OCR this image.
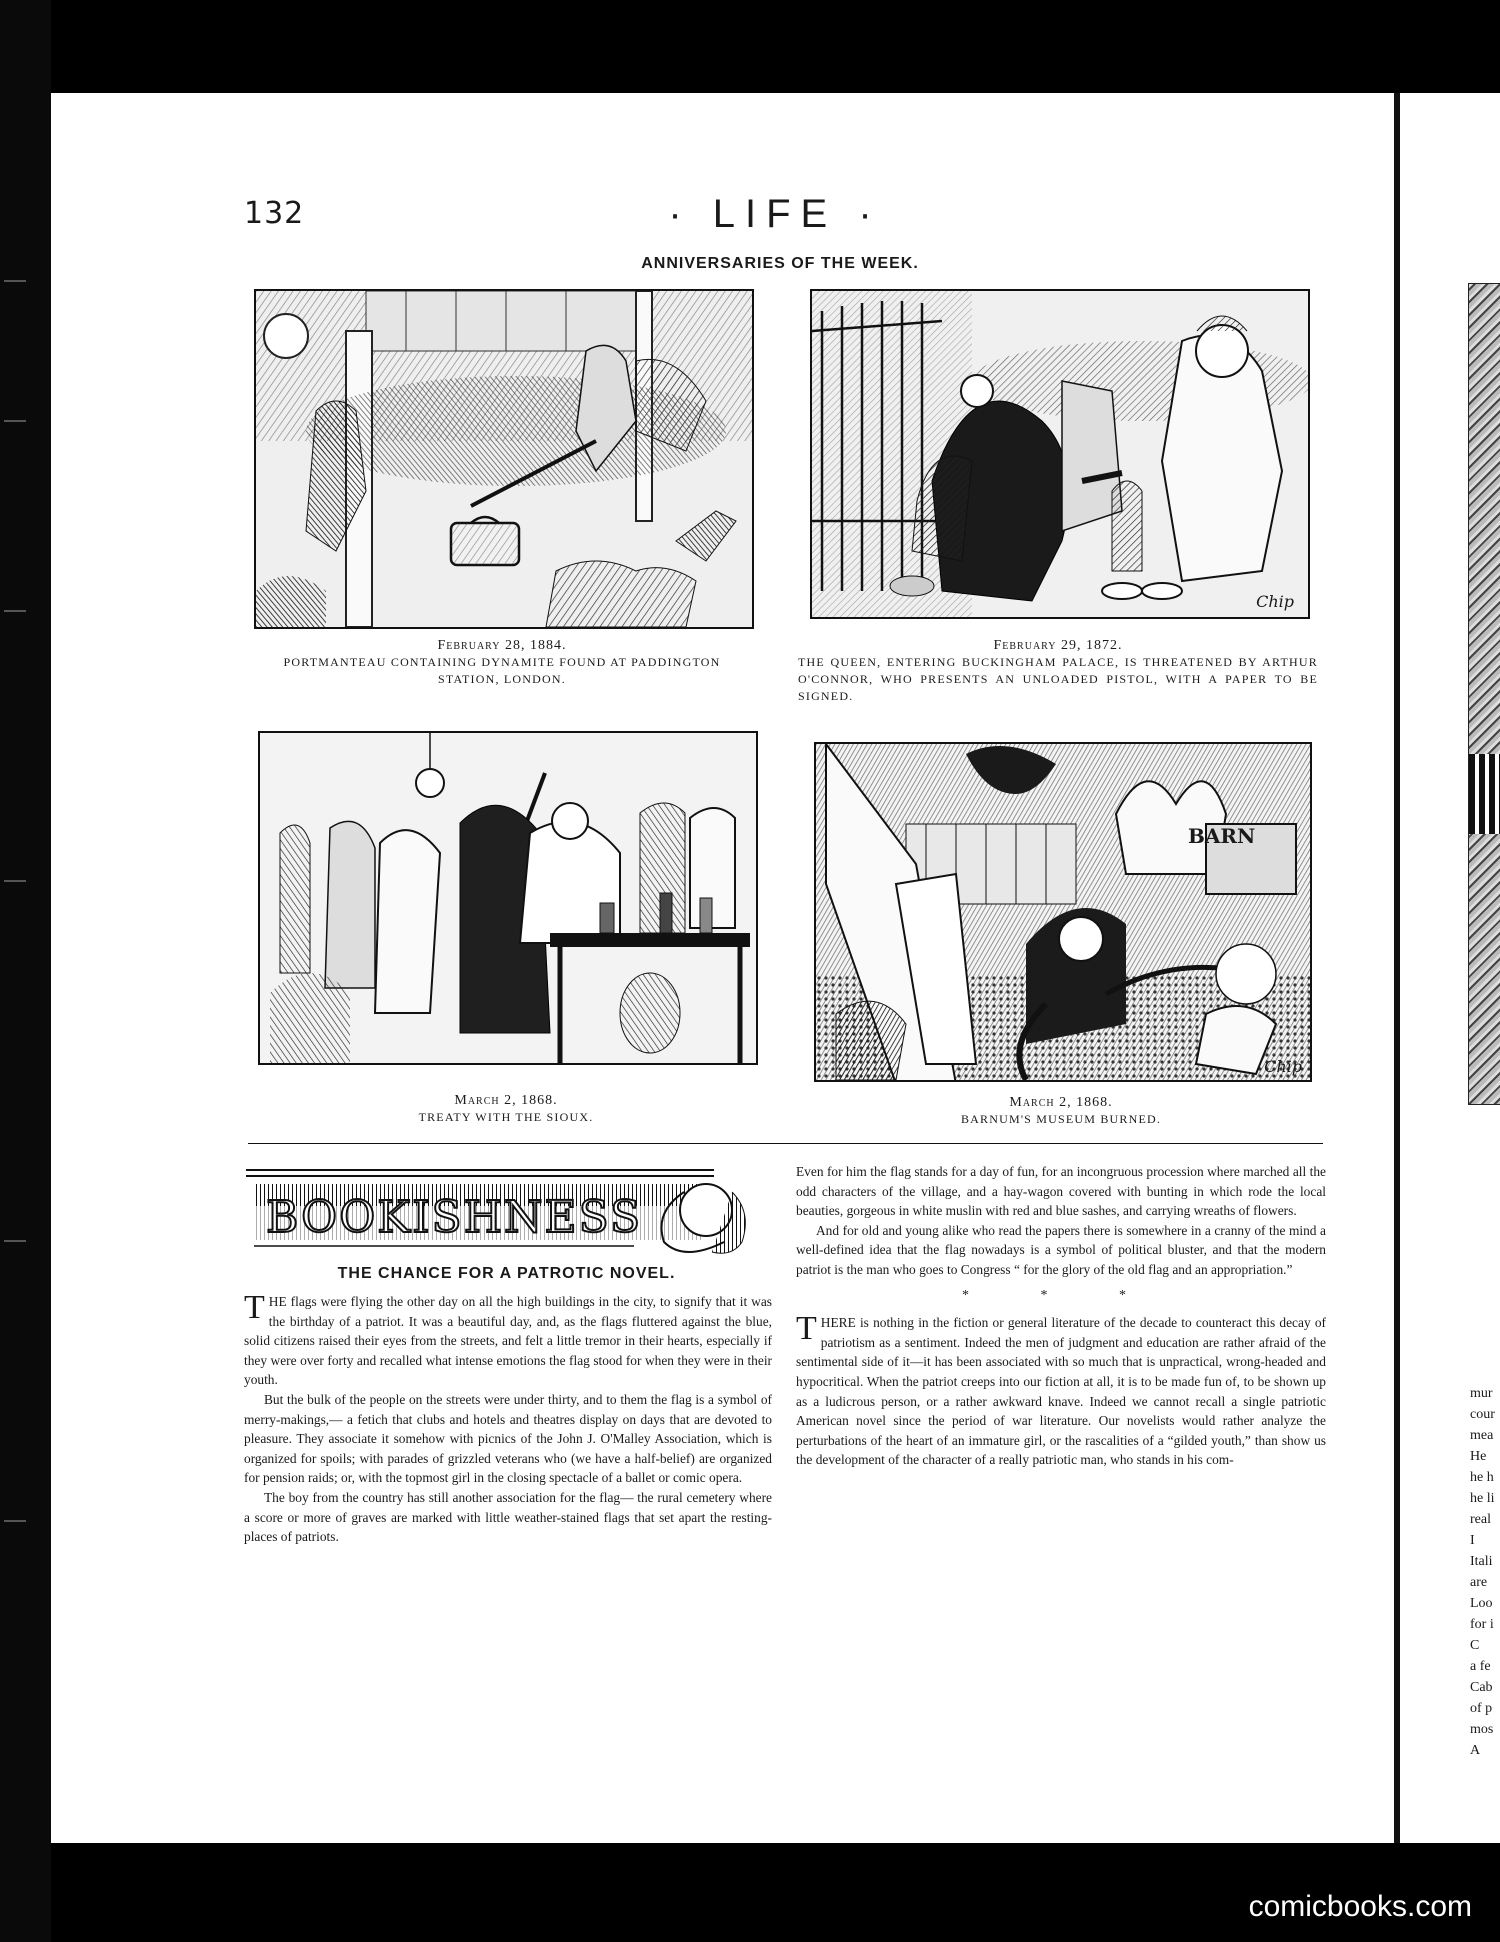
mur
cour
mea
He
he h
he li
real
I
Itali
are
Loo
for i
C
a fe
Cab
of p
mos
A
132	· LIFE ·
ANNIVERSARIES OF THE WEEK.
February 28, 1884.
PORTMANTEAU CONTAINING DYNAMITE FOUND AT PADDINGTON STATION, LONDON.
Chip
February 29, 1872.
THE QUEEN, ENTERING BUCKINGHAM PALACE, IS THREATENED BY ARTHUR O'CONNOR, WHO PRESENTS AN UNLOADED PISTOL, WITH A PAPER TO BE SIGNED.
March 2, 1868.
TREATY WITH THE SIOUX.
BARN
Chip
March 2, 1868.
BARNUM'S MUSEUM BURNED.
BOOKISHNESS
THE CHANCE FOR A PATROTIC NOVEL.

THE flags were flying the other day on all the high buildings in the city, to signify that it was the birthday of a patriot. It was a beautiful day, and, as the flags fluttered against the blue, solid citizens raised their eyes from the streets, and felt a little tremor in their hearts, especially if they were over forty and recalled what intense emotions the flag stood for when they were in their youth.

But the bulk of the people on the streets were under thirty, and to them the flag is a symbol of merry-makings,— a fetich that clubs and hotels and theatres display on days that are devoted to pleasure. They associate it somehow with picnics of the John J. O'Malley Association, which is organized for spoils; with parades of grizzled veterans who (we have a half-belief) are organized for pension raids; or, with the topmost girl in the closing spectacle of a ballet or comic opera.

The boy from the country has still another association for the flag— the rural cemetery where a score or more of graves are marked with little weather-stained flags that set apart the resting-places of patriots.

Even for him the flag stands for a day of fun, for an incongruous procession where marched all the odd characters of the village, and a hay-wagon covered with bunting in which rode the local beauties, gorgeous in white muslin with red and blue sashes, and carrying wreaths of flowers.

And for old and young alike who read the papers there is somewhere in a cranny of the mind a well-defined idea that the flag nowadays is a symbol of political bluster, and that the modern patriot is the man who goes to Congress “ for the glory of the old flag and an appropriation.”

* * *

THERE is nothing in the fiction or general literature of the decade to counteract this decay of patriotism as a sentiment. Indeed the men of judgment and education are rather afraid of the sentimental side of it—it has been associated with so much that is unpractical, wrong-headed and hypocritical. When the patriot creeps into our fiction at all, it is to be made fun of, to be shown up as a ludicrous person, or a rather awkward knave. Indeed we cannot recall a single patriotic American novel since the period of war literature. Our novelists would rather analyze the perturbations of the heart of an immature girl, or the rascalities of a “gilded youth,” than show us the development of the character of a really patriotic man, who stands in his com-

comicbooks.com
